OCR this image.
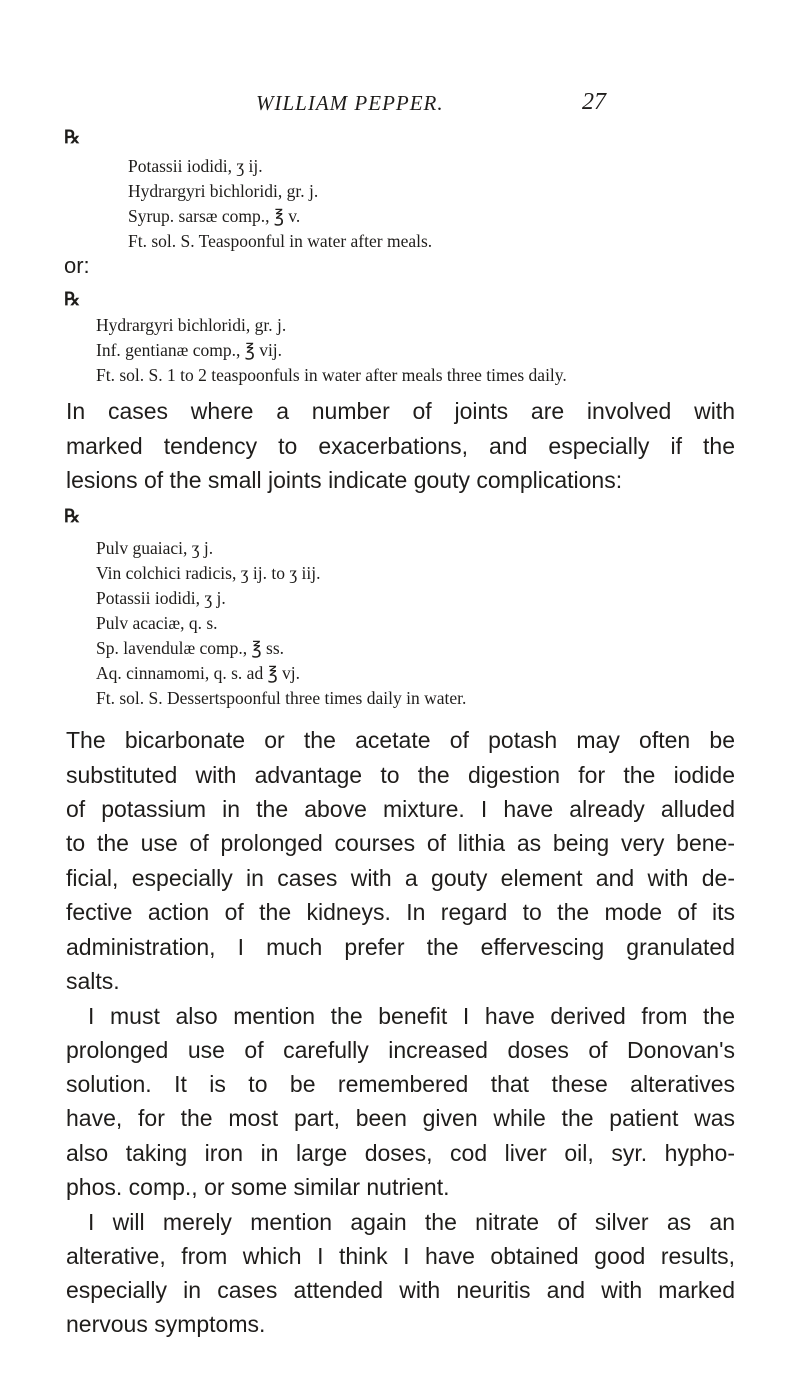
WILLIAM PEPPER.	27
℞
Potassii iodidi, ʒ ij.
Hydrargyri bichloridi, gr. j.
Syrup. sarsæ comp., ℥ v.
Ft. sol. S. Teaspoonful in water after meals.
or:
℞
Hydrargyri bichloridi, gr. j.
Inf. gentianæ comp., ℥ vij.
Ft. sol. S. 1 to 2 teaspoonfuls in water after meals three times daily.
In cases where a number of joints are involved with
marked tendency to exacerbations, and especially if the
lesions of the small joints indicate gouty complications:
℞
Pulv guaiaci, ʒ j.
Vin colchici radicis, ʒ ij. to ʒ iij.
Potassii iodidi, ʒ j.
Pulv acaciæ, q. s.
Sp. lavendulæ comp., ℥ ss.
Aq. cinnamomi, q. s. ad ℥ vj.
Ft. sol. S. Dessertspoonful three times daily in water.
The bicarbonate or the acetate of potash may often be
substituted with advantage to the digestion for the iodide
of potassium in the above mixture. I have already alluded
to the use of prolonged courses of lithia as being very bene-
ficial, especially in cases with a gouty element and with de-
fective action of the kidneys. In regard to the mode of its
administration, I much prefer the effervescing granulated
salts.
I must also mention the benefit I have derived from the
prolonged use of carefully increased doses of Donovan's
solution. It is to be remembered that these alteratives
have, for the most part, been given while the patient was
also taking iron in large doses, cod liver oil, syr. hypho-
phos. comp., or some similar nutrient.
I will merely mention again the nitrate of silver as an
alterative, from which I think I have obtained good results,
especially in cases attended with neuritis and with marked
nervous symptoms.
